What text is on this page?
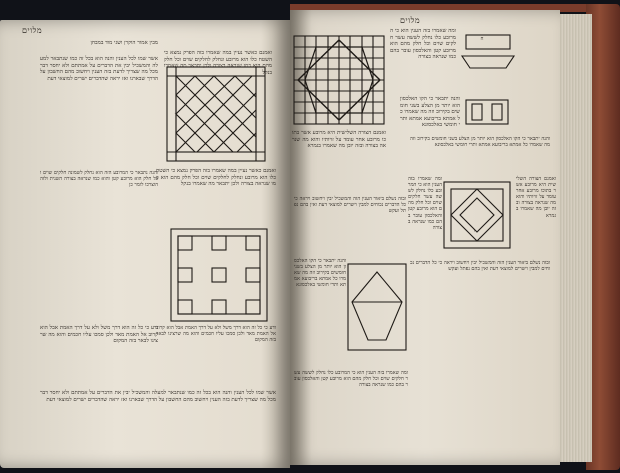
מלוים
מבין אמור הוקרן ושגי מוד במבחן
אשר שמו לכל הענין והנה הוא בכל זה כמו שנתבאר למעלה והמשכיל יבין את הדברים על אמתתם ולא יחסר דבר מכל מה שצריך לדעת בזה הענין ויחשוב מהם החשבון על הדרך שבארנו ואז יראה שהדברים ישרים למוצאי דעת
ואמנם כאשר נעיין במה שאמרו בזה הפרק נמצא כי השטח כלו הוא מרובע ונחלק לחלקים שוים וכל חלק מהם הוא כמו שנראה בצורה ולכן יתבאר מה שאמרו בנקל
והנה נתבאר כי המרובע הזה הוא נחלק לשמונה חלקים שוים וכל חלק הוא מרובע קטן והוא כמו שנראה בצורה השנית ולזה הוצרכו לומר כן
ואמנם כאשר נעיין במה שאמרו בזה הפרק נמצא כי השטח כלו הוא מרובע ונחלק לחלקים שוים וכל חלק מהם הוא כמו שנראה בצורה ולכן יתבאר מה שאמרו בנקל
ודע כי כל זה הוא דרך משל ולא על דרך האמת אבל הוא קרוב אל האמת מאד ולכן סמכו עליו חכמים והוא מה שרצינו לבאר בזה המקום
ודע כי כל זה הוא דרך משל ולא על דרך האמת אבל הוא קרוב אל האמת מאד ולכן סמכו עליו חכמים והוא מה שרצינו לבאר בזה המקום
אשר שמו לכל הענין והנה הוא בכל זה כמו שנתבאר למעלה והמשכיל יבין את הדברים על אמתתם ולא יחסר דבר מכל מה שצריך לדעת בזה הענין ויחשוב מהם החשבון על הדרך שבארנו ואז יראה שהדברים ישרים למוצאי דעת
ד
מלוים
ומה שאמרו בזה הענין הוא כי המרובע כלו נחלק לששה עשר חלקים שוים וכל חלק מהם הוא מרובע קטן והאלכסון עובר בהם כמו שנראה בצורה
ח
והנה יתבאר כי הקו האלכסון הוא יותר מן הצלע בשני חומשים בקירוב וזה מה שאמרו כל אמתא בריבועא אמתא ותרי חומשי באלכסונא
והנה יתבאר כי הקו האלכסון הוא יותר מן הצלע בשני חומשים בקירוב וזה מה שאמרו כל אמתא בריבועא אמתא ותרי חומשי באלכסונא
ואמנם הצורה השלישית היא מרובע אשר בתוכו מרובע אחר עומד על זויותיו והוא מה שנראה בצורה ובזה יובן מה שאמרו בגמרא
ובזה נשלם ביאור הענין הזה והמשכיל יבין ויחשוב ויראה כי כל הדברים נכוחים למבין וישרים למוצאי דעת ואין בהם נפתל ועקש
ומה שאמרו בזה הענין הוא כי המרובע כלו נחלק לששה עשר חלקים שוים וכל חלק מהם הוא מרובע קטן והאלכסון עובר בהם כמו שנראה בצורה
ו
ואמנם הצורה השלישית היא מרובע אשר בתוכו מרובע אחר עומד על זויותיו והוא מה שנראה בצורה ובזה יובן מה שאמרו בגמרא
והנה יתבאר כי הקו האלכסון הוא יותר מן הצלע בשני חומשים בקירוב וזה מה שאמרו כל אמתא בריבועא אמתא ותרי חומשי באלכסונא
ובזה נשלם ביאור הענין הזה והמשכיל יבין ויחשוב ויראה כי כל הדברים נכוחים למבין וישרים למוצאי דעת ואין בהם נפתל ועקש
ומה שאמרו בזה הענין הוא כי המרובע כלו נחלק לששה עשר חלקים שוים וכל חלק מהם הוא מרובע קטן והאלכסון עובר בהם כמו שנראה בצורה
